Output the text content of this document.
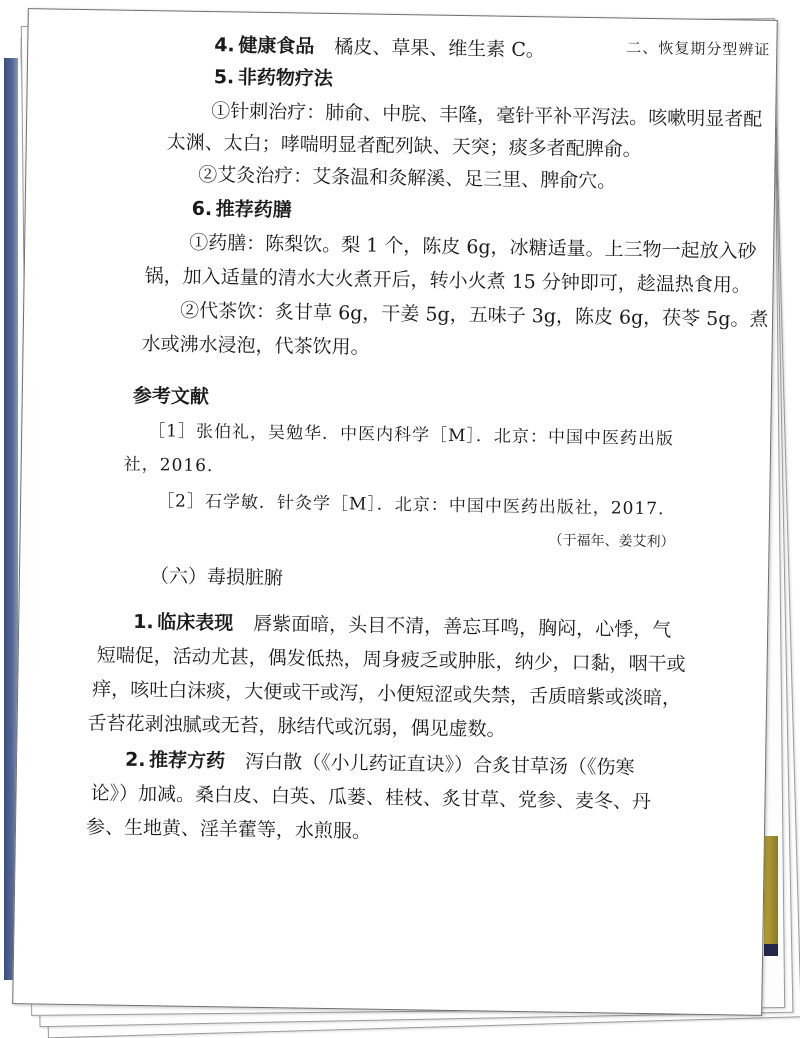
二、恢复期分型辨证
4. 健康食品 橘皮、草果、维生素 C。
5. 非药物疗法
①针刺治疗：肺俞、中脘、丰隆，毫针平补平泻法。咳嗽明显者配
太渊、太白；哮喘明显者配列缺、天突；痰多者配脾俞。
②艾灸治疗：艾条温和灸解溪、足三里、脾俞穴。
6. 推荐药膳
①药膳：陈梨饮。梨 1 个，陈皮 6g，冰糖适量。上三物一起放入砂
锅，加入适量的清水大火煮开后，转小火煮 15 分钟即可，趁温热食用。
②代茶饮：炙甘草 6g，干姜 5g，五味子 3g，陈皮 6g，茯苓 5g。煮
水或沸水浸泡，代茶饮用。
参考文献
［1］张伯礼，吴勉华．中医内科学［M］．北京：中国中医药出版
社，2016.
［2］石学敏．针灸学［M］．北京：中国中医药出版社，2017.
（于福年、姜艾利）
（六）毒损脏腑
1. 临床表现 唇紫面暗，头目不清，善忘耳鸣，胸闷，心悸，气
短喘促，活动尤甚，偶发低热，周身疲乏或肿胀，纳少，口黏，咽干或
痒，咳吐白沫痰，大便或干或泻，小便短涩或失禁，舌质暗紫或淡暗，
舌苔花剥浊腻或无苔，脉结代或沉弱，偶见虚数。
2. 推荐方药 泻白散（《小儿药证直诀》）合炙甘草汤（《伤寒
论》）加减。桑白皮、白英、瓜蒌、桂枝、炙甘草、党参、麦冬、丹
参、生地黄、淫羊藿等，水煎服。
